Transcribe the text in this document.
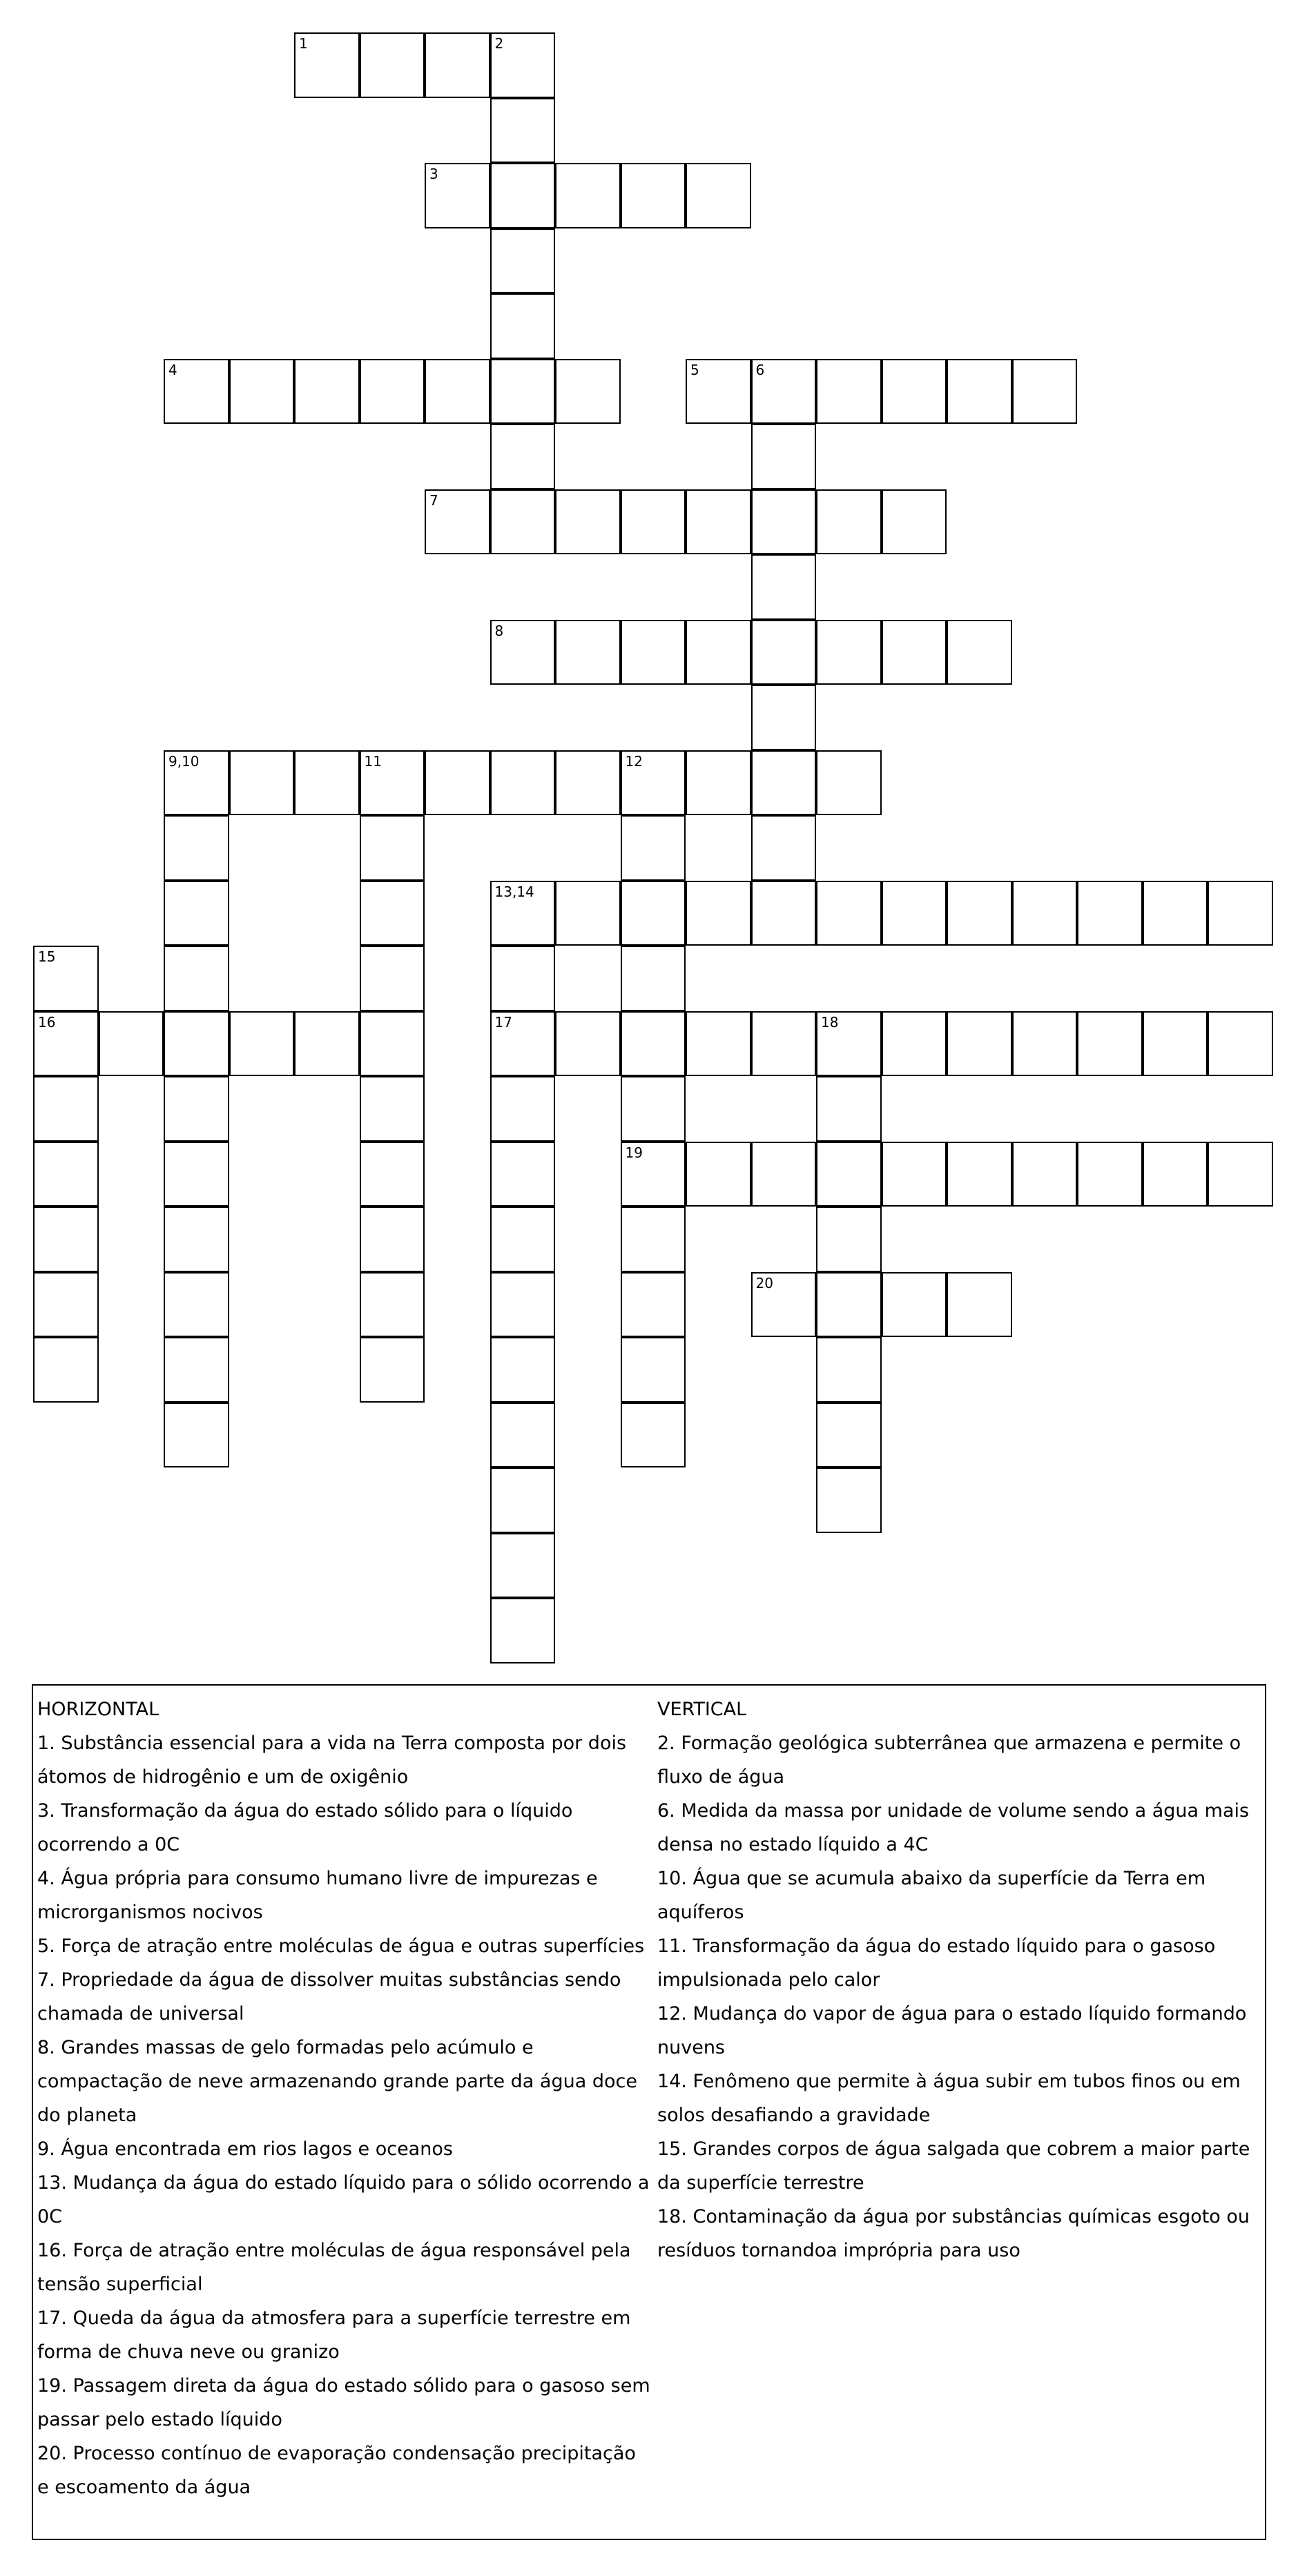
1	2
3
4	5	6
7
8
9,10	11	12
19
13,14
17
15
16	18
20
HORIZONTAL
1. Substância essencial para a vida na Terra composta por dois átomos de hidrogênio e um de oxigênio
3. Transformação da água do estado sólido para o líquido ocorrendo a 0C
4. Água própria para consumo humano livre de impurezas e microrganismos nocivos
5. Força de atração entre moléculas de água e outras superfícies
7. Propriedade da água de dissolver muitas substâncias sendo chamada de universal
8. Grandes massas de gelo formadas pelo acúmulo e compactação de neve armazenando grande parte da água doce do planeta
9. Água encontrada em rios lagos e oceanos
13. Mudança da água do estado líquido para o sólido ocorrendo a 0C
16. Força de atração entre moléculas de água responsável pela tensão superficial
17. Queda da água da atmosfera para a superfície terrestre em forma de chuva neve ou granizo
19. Passagem direta da água do estado sólido para o gasoso sem passar pelo estado líquido
20. Processo contínuo de evaporação condensação precipitação e escoamento da água
VERTICAL
2. Formação geológica subterrânea que armazena e permite o fluxo de água
6. Medida da massa por unidade de volume sendo a água mais densa no estado líquido a 4C
10. Água que se acumula abaixo da superfície da Terra em aquíferos
11. Transformação da água do estado líquido para o gasoso impulsionada pelo calor
12. Mudança do vapor de água para o estado líquido formando nuvens
14. Fenômeno que permite à água subir em tubos finos ou em solos desafiando a gravidade
15. Grandes corpos de água salgada que cobrem a maior parte da superfície terrestre
18. Contaminação da água por substâncias químicas esgoto ou resíduos tornandoa imprópria para uso
